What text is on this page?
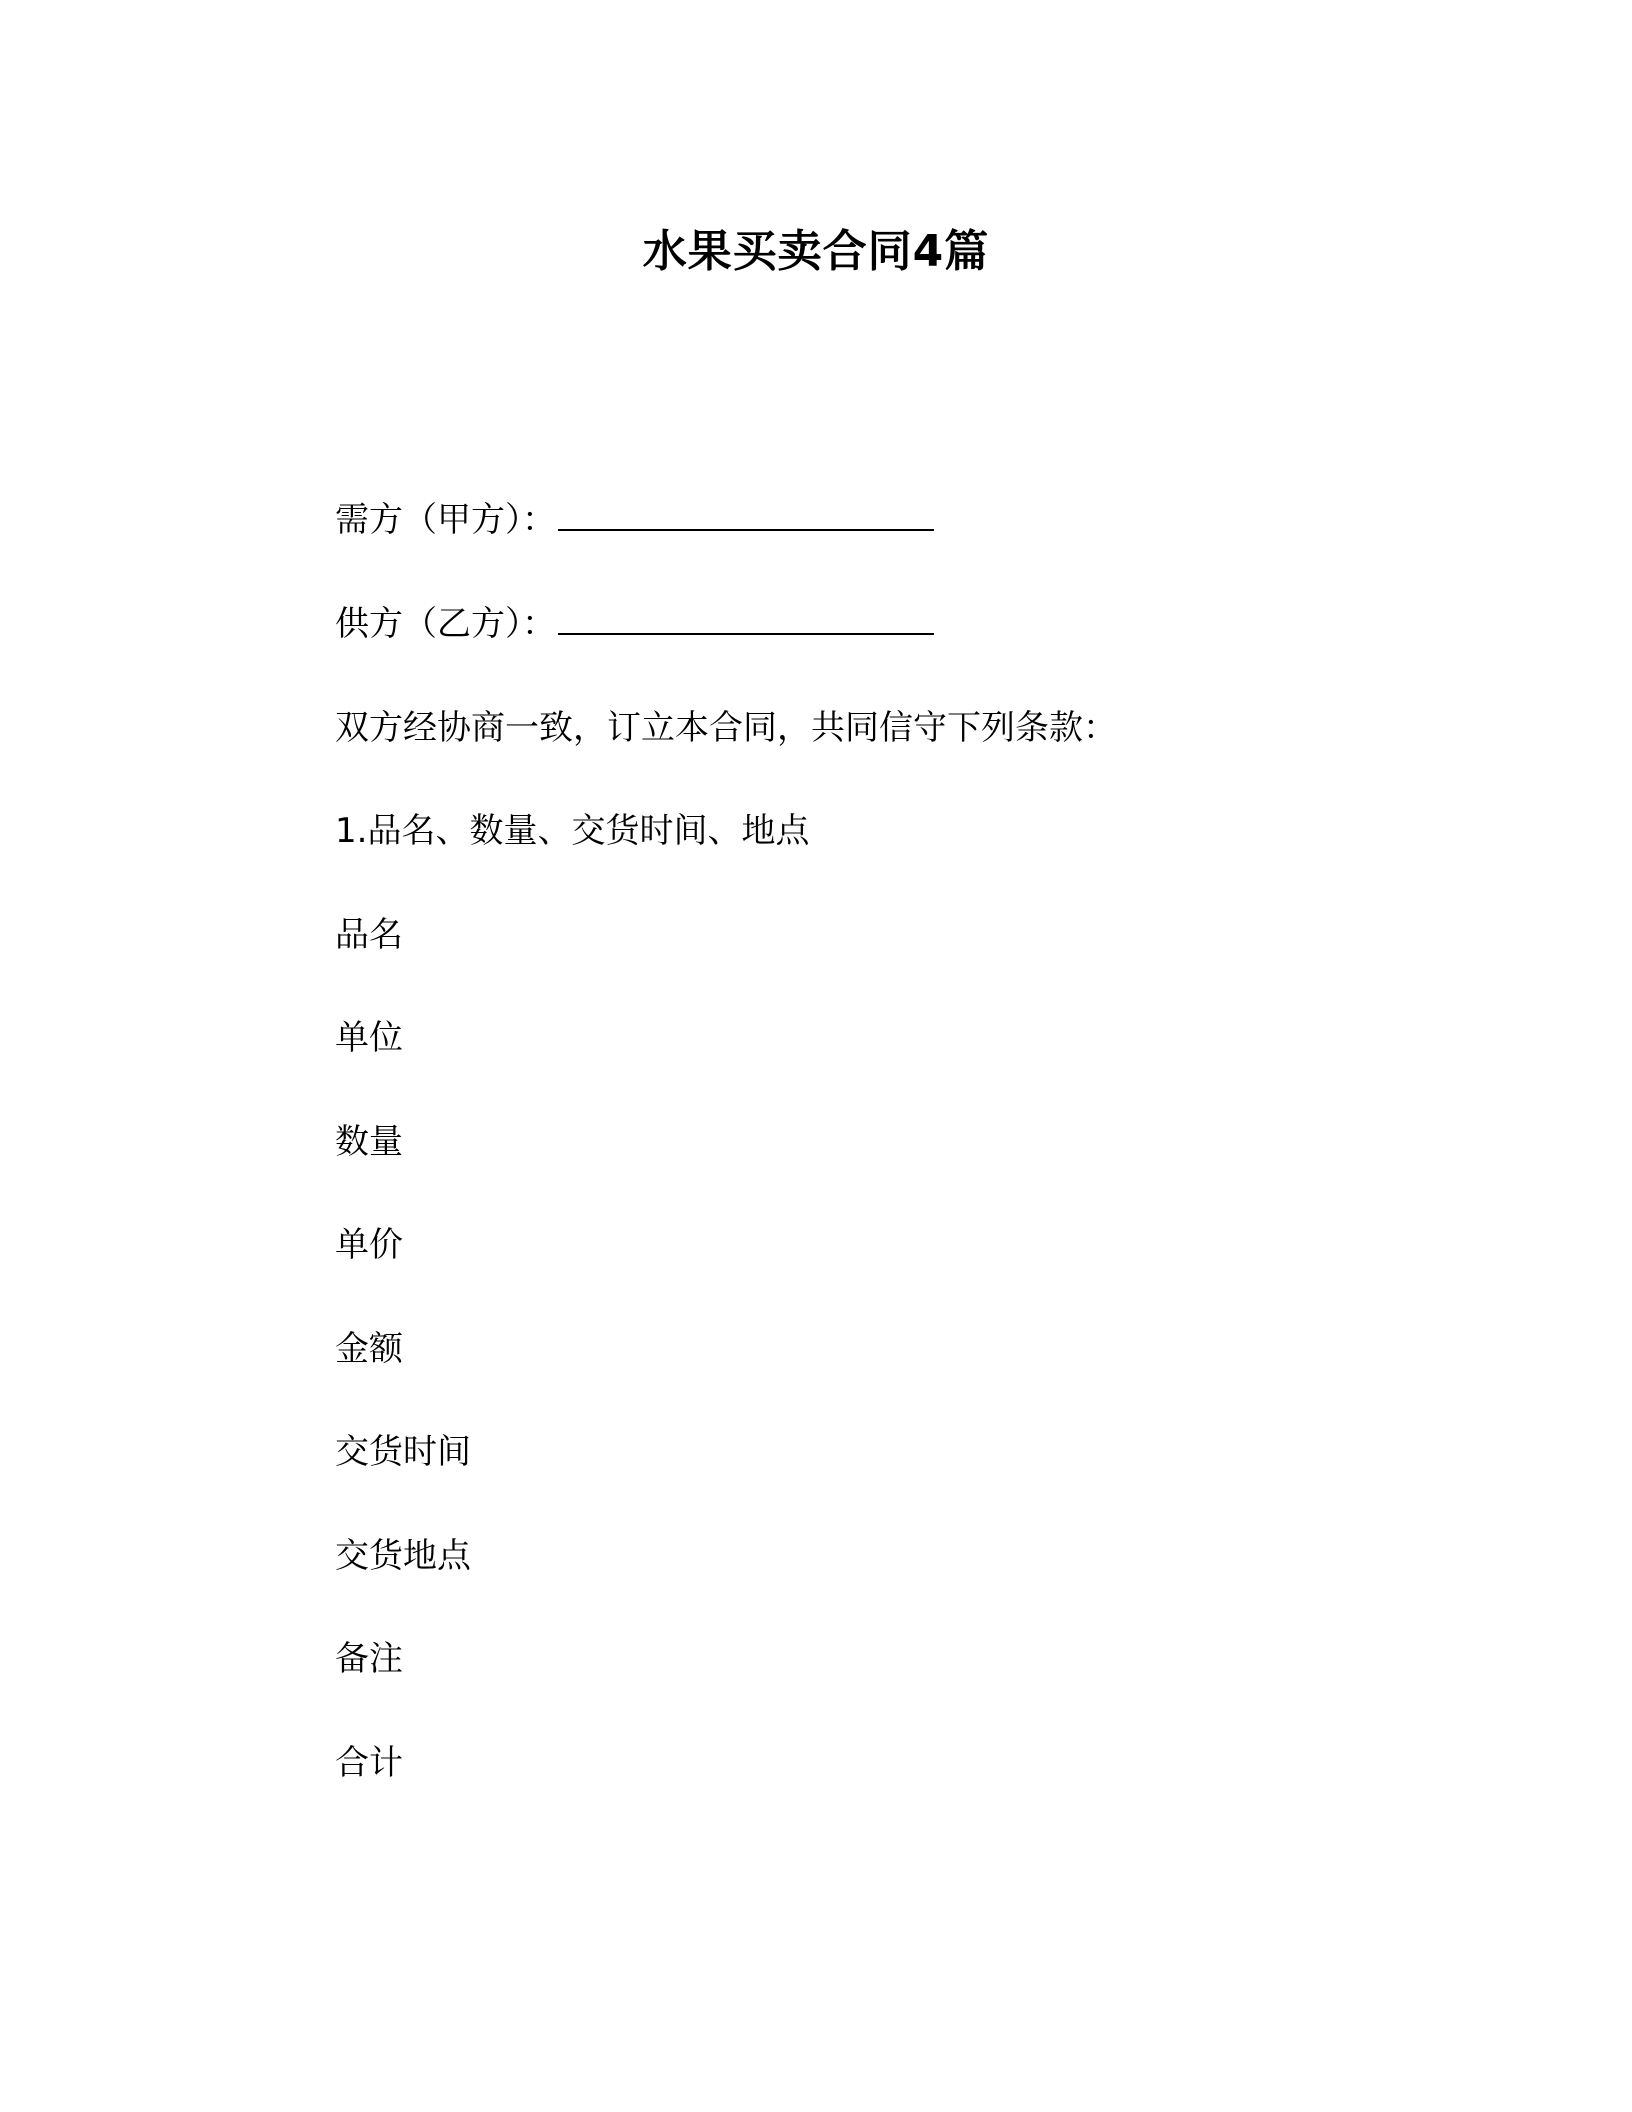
水果买卖合同4篇
需方（甲方）：
供方（乙方）：
双方经协商一致，订立本合同，共同信守下列条款：
1.品名、数量、交货时间、地点
品名
单位
数量
单价
金额
交货时间
交货地点
备注
合计
